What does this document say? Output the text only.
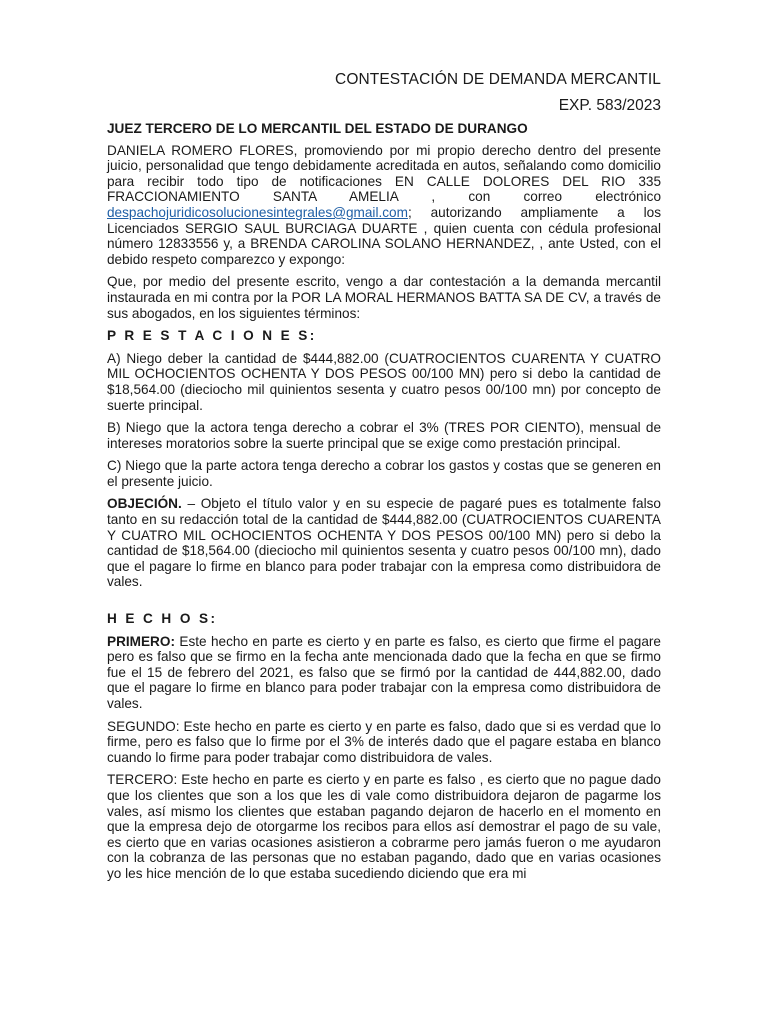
CONTESTACIÓN DE DEMANDA MERCANTIL
EXP. 583/2023

JUEZ TERCERO DE LO MERCANTIL DEL ESTADO DE DURANGO

DANIELA ROMERO FLORES, promoviendo por mi propio derecho dentro del presente juicio, personalidad que tengo debidamente acreditada en autos, señalando como domicilio para recibir todo tipo de notificaciones EN CALLE DOLORES DEL RIO 335 FRACCIONAMIENTO SANTA AMELIA , con correo electrónico despachojuridicosolucionesintegrales@gmail.com; autorizando ampliamente a los Licenciados SERGIO SAUL BURCIAGA DUARTE , quien cuenta con cédula profesional número 12833556 y, a BRENDA CAROLINA SOLANO HERNANDEZ, , ante Usted, con el debido respeto comparezco y expongo:

Que, por medio del presente escrito, vengo a dar contestación a la demanda mercantil instaurada en mi contra por la POR LA MORAL HERMANOS BATTA SA DE CV, a través de sus abogados, en los siguientes términos:

P R E S T A C I O N E S:

A) Niego deber la cantidad de $444,882.00 (CUATROCIENTOS CUARENTA Y CUATRO MIL OCHOCIENTOS OCHENTA Y DOS PESOS 00/100 MN) pero si debo la cantidad de $18,564.00 (dieciocho mil quinientos sesenta y cuatro pesos 00/100 mn) por concepto de suerte principal.

B) Niego que la actora tenga derecho a cobrar el 3% (TRES POR CIENTO), mensual de intereses moratorios sobre la suerte principal que se exige como prestación principal.

C) Niego que la parte actora tenga derecho a cobrar los gastos y costas que se generen en el presente juicio.

OBJECIÓN. – Objeto el título valor y en su especie de pagaré pues es totalmente falso tanto en su redacción total de la cantidad de $444,882.00 (CUATROCIENTOS CUARENTA Y CUATRO MIL OCHOCIENTOS OCHENTA Y DOS PESOS 00/100 MN) pero si debo la cantidad de $18,564.00 (dieciocho mil quinientos sesenta y cuatro pesos 00/100 mn), dado que el pagare lo firme en blanco para poder trabajar con la empresa como distribuidora de vales.

H E C H O S:

PRIMERO: Este hecho en parte es cierto y en parte es falso, es cierto que firme el pagare pero es falso que se firmo en la fecha ante mencionada dado que la fecha en que se firmo fue el 15 de febrero del 2021, es falso que se firmó por la cantidad de 444,882.00, dado que el pagare lo firme en blanco para poder trabajar con la empresa como distribuidora de vales.

SEGUNDO: Este hecho en parte es cierto y en parte es falso, dado que si es verdad que lo firme, pero es falso que lo firme por el 3% de interés dado que el pagare estaba en blanco cuando lo firme para poder trabajar como distribuidora de vales.

TERCERO: Este hecho en parte es cierto y en parte es falso , es cierto que no pague dado que los clientes que son a los que les di vale como distribuidora dejaron de pagarme los vales, así mismo los clientes que estaban pagando dejaron de hacerlo en el momento en que la empresa dejo de otorgarme los recibos para ellos así demostrar el pago de su vale, es cierto que en varias ocasiones asistieron a cobrarme pero jamás fueron o me ayudaron con la cobranza de las personas que no estaban pagando, dado que en varias ocasiones yo les hice mención de lo que estaba sucediendo diciendo que era mi
